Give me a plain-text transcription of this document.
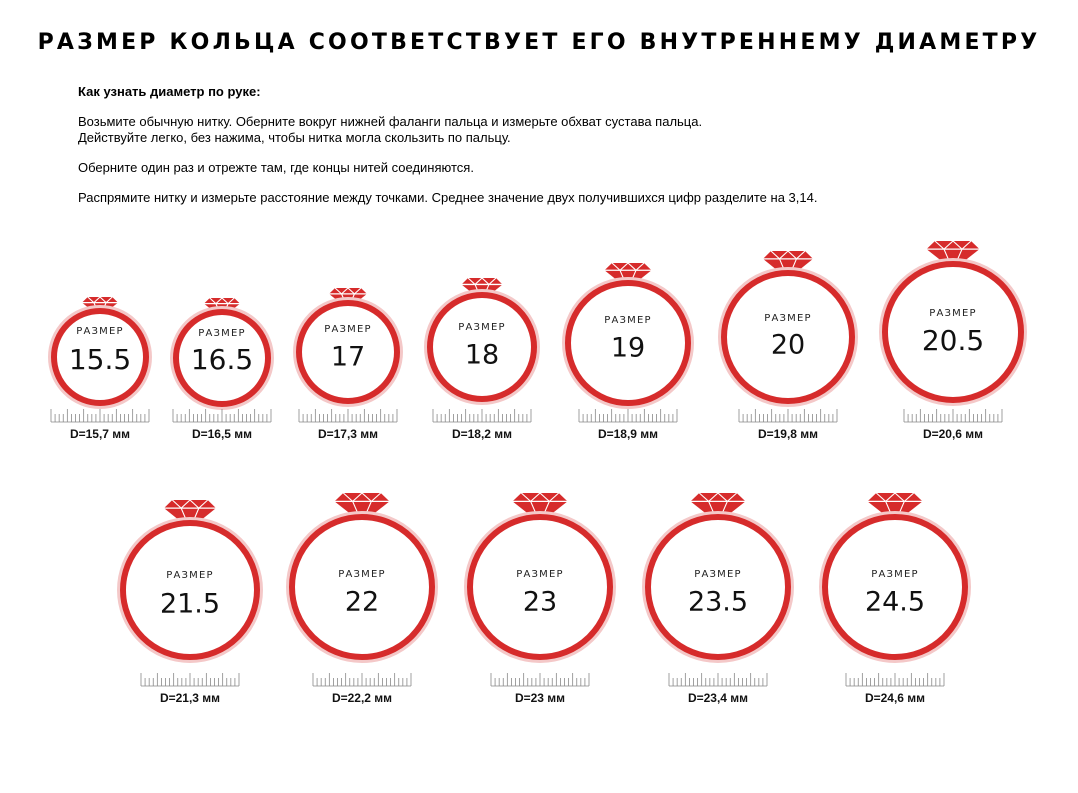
РАЗМЕР КОЛЬЦА СООТВЕТСТВУЕТ ЕГО ВНУТРЕННЕМУ ДИАМЕТРУ
Как узнать диаметр по руке:

Возьмите обычную нитку. Оберните вокруг нижней фаланги пальца и измерьте обхват сустава пальца.
Действуйте легко, без нажима, чтобы нитка могла скользить по пальцу.

Оберните один раз и отрежте там, где концы нитей соединяются.

Распрямите нитку и измерьте расстояние между точками. Среднее значение двух получившихся цифр разделите на 3,14.

РАЗМЕР
15.5
D=15,7 мм
РАЗМЕР
16.5
D=16,5 мм
РАЗМЕР
17
D=17,3 мм
РАЗМЕР
18
D=18,2 мм
РАЗМЕР
19
D=18,9 мм
РАЗМЕР
20
D=19,8 мм
РАЗМЕР
20.5
D=20,6 мм
РАЗМЕР
21.5
D=21,3 мм
РАЗМЕР
22
D=22,2 мм
РАЗМЕР
23
D=23 мм
РАЗМЕР
23.5
D=23,4 мм
РАЗМЕР
24.5
D=24,6 мм
